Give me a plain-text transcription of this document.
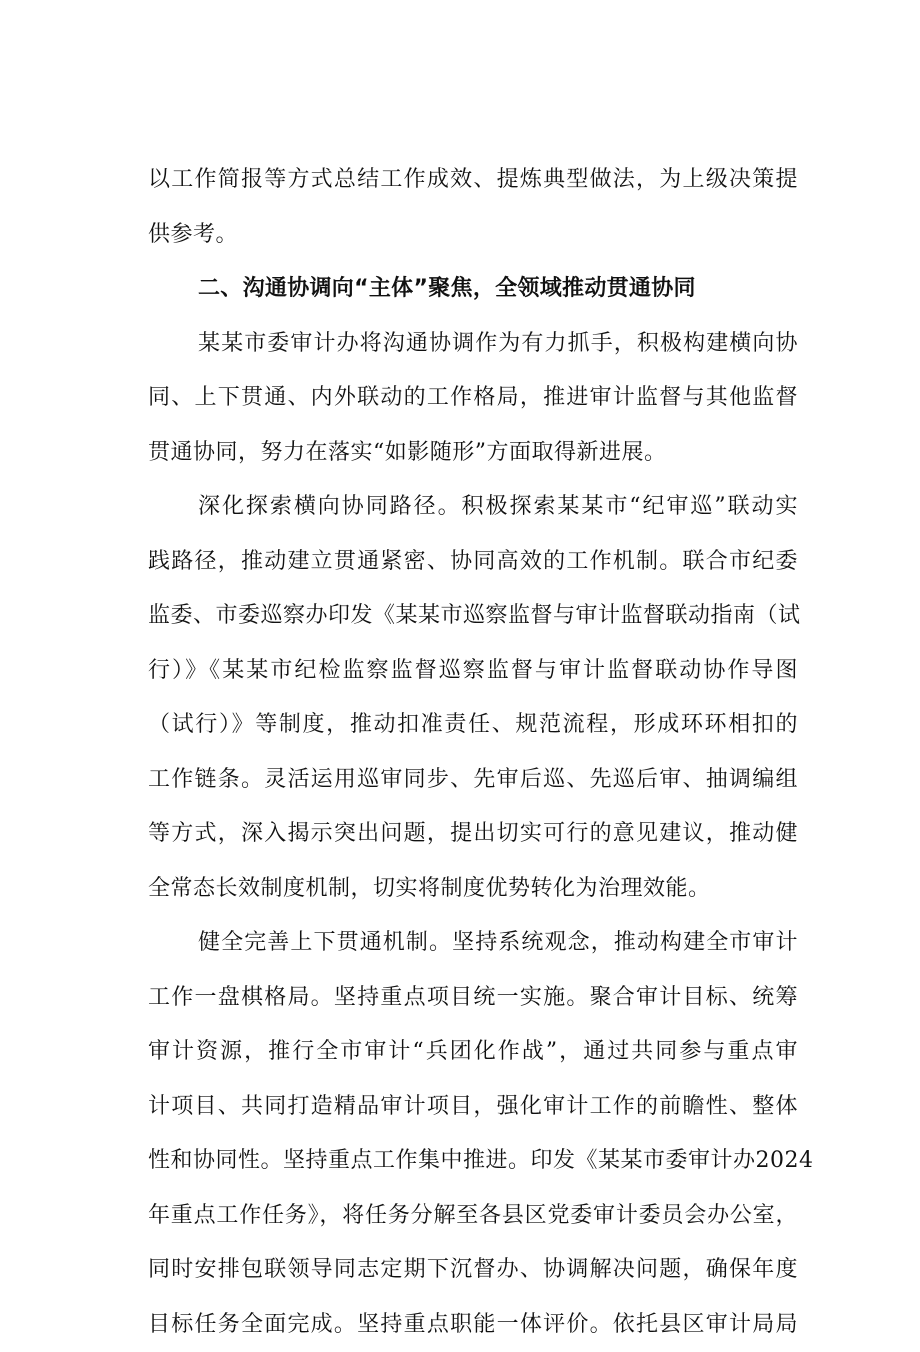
以工作简报等方式总结工作成效、提炼典型做法，为上级决策提
供参考。
二、沟通协调向“主体”聚焦，全领域推动贯通协同
某某市委审计办将沟通协调作为有力抓手，积极构建横向协
同、上下贯通、内外联动的工作格局，推进审计监督与其他监督
贯通协同，努力在落实“如影随形”方面取得新进展。
深化探索横向协同路径。积极探索某某市“纪审巡”联动实
践路径，推动建立贯通紧密、协同高效的工作机制。联合市纪委
监委、市委巡察办印发《某某市巡察监督与审计监督联动指南（试
行）》《某某市纪检监察监督巡察监督与审计监督联动协作导图
（试行）》等制度，推动扣准责任、规范流程，形成环环相扣的
工作链条。灵活运用巡审同步、先审后巡、先巡后审、抽调编组
等方式，深入揭示突出问题，提出切实可行的意见建议，推动健
全常态长效制度机制，切实将制度优势转化为治理效能。
健全完善上下贯通机制。坚持系统观念，推动构建全市审计
工作一盘棋格局。坚持重点项目统一实施。聚合审计目标、统筹
审计资源，推行全市审计“兵团化作战”，通过共同参与重点审
计项目、共同打造精品审计项目，强化审计工作的前瞻性、整体
性和协同性。坚持重点工作集中推进。印发《某某市委审计办2024
年重点工作任务》，将任务分解至各县区党委审计委员会办公室，
同时安排包联领导同志定期下沉督办、协调解决问题，确保年度
目标任务全面完成。坚持重点职能一体评价。依托县区审计局局
